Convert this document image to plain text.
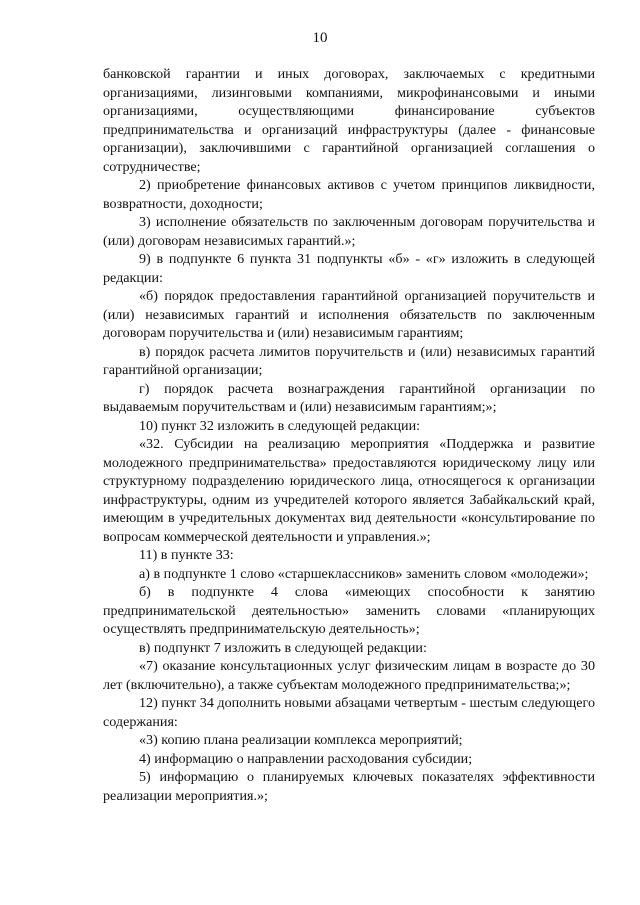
10

банковской гарантии и иных договорах, заключаемых с кредитными организациями, лизинговыми компаниями, микрофинансовыми и иными организациями, осуществляющими финансирование субъектов предпринимательства и организаций инфраструктуры (далее - финансовые организации), заключившими с гарантийной организацией соглашения о сотрудничестве;

2) приобретение финансовых активов с учетом принципов ликвидности, возвратности, доходности;

3) исполнение обязательств по заключенным договорам поручительства и (или) договорам независимых гарантий.»;

9) в подпункте 6 пункта 31 подпункты «б» - «г» изложить в следующей редакции:

«б) порядок предоставления гарантийной организацией поручительств и (или) независимых гарантий и исполнения обязательств по заключенным договорам поручительства и (или) независимым гарантиям;

в) порядок расчета лимитов поручительств и (или) независимых гарантий гарантийной организации;

г) порядок расчета вознаграждения гарантийной организации по выдаваемым поручительствам и (или) независимым гарантиям;»;

10) пункт 32 изложить в следующей редакции:

«32. Субсидии на реализацию мероприятия «Поддержка и развитие молодежного предпринимательства» предоставляются юридическому лицу или структурному подразделению юридического лица, относящегося к организации инфраструктуры, одним из учредителей которого является Забайкальский край, имеющим в учредительных документах вид деятельности «консультирование по вопросам коммерческой деятельности и управления.»;

11) в пункте 33:

а) в подпункте 1 слово «старшеклассников» заменить словом «молодежи»;

б) в подпункте 4 слова «имеющих способности к занятию предпринимательской деятельностью» заменить словами «планирующих осуществлять предпринимательскую деятельность»;

в) подпункт 7 изложить в следующей редакции:

«7) оказание консультационных услуг физическим лицам в возрасте до 30 лет (включительно), а также субъектам молодежного предпринимательства;»;

12) пункт 34 дополнить новыми абзацами четвертым - шестым следующего содержания:

«3) копию плана реализации комплекса мероприятий;

4) информацию о направлении расходования субсидии;

5) информацию о планируемых ключевых показателях эффективности реализации мероприятия.»;
